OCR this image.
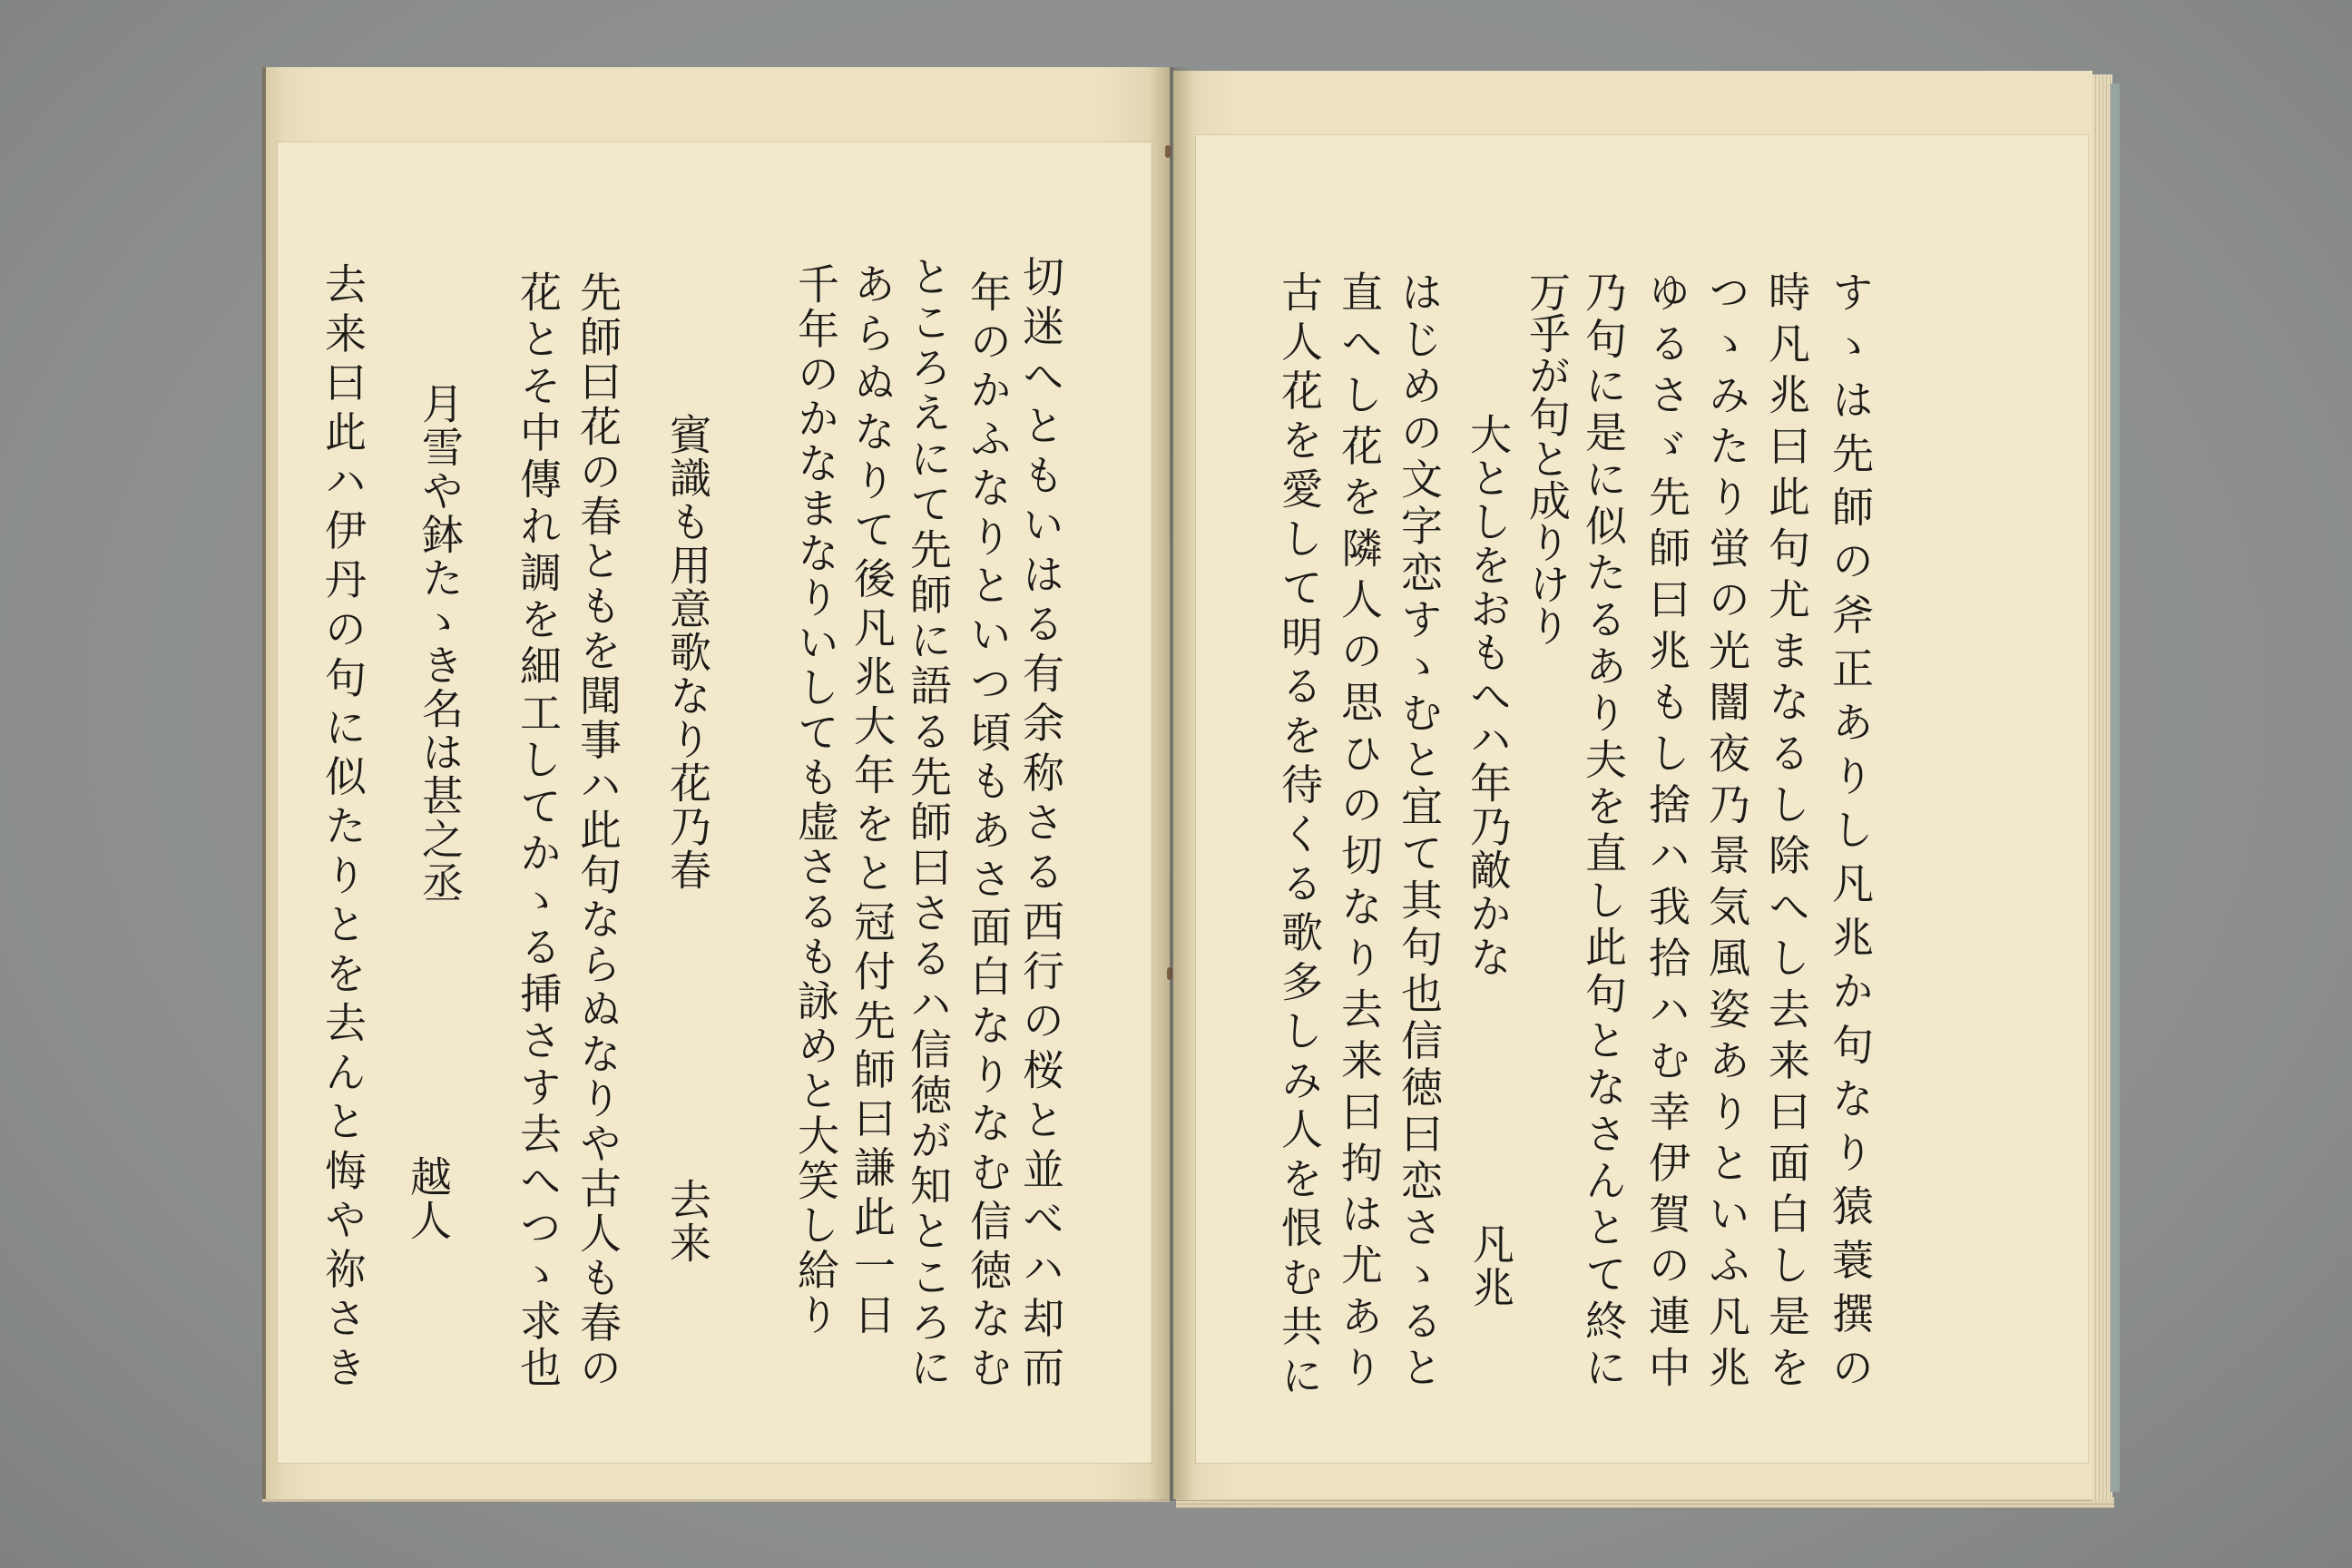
切迷へともいはる有余称さる西行の桜と並べハ却而
年のかふなりといつ頃もあさ面白なりなむ信徳なむ
ところえにて先師に語る先師曰さるハ信徳が知ところに
あらぬなりて後凡兆大年をと冠付先師曰謙此一日
千年のかなまなりいしても虚さるも詠めと大笑し給り
賓識も用意歌なり花乃春
去来
先師曰花の春ともを聞事ハ此句ならぬなりや古人も春の
花とそ中傳れ調を細工してかゝる挿さす去へつゝ求也
月雪や鉢たゝき名は甚之丞
越人
去来曰此ハ伊丹の句に似たりとを去んと悔や祢さき	すゝは先師の斧正ありし凡兆か句なり猿蓑撰の
時凡兆曰此句尤まなるし除へし去来曰面白し是を
つゝみたり蛍の光闇夜乃景気風姿ありといふ凡兆
ゆるさゞ先師曰兆もし捨ハ我拾ハむ幸伊賀の連中
乃句に是に似たるあり夫を直し此句となさんとて終に
万乎が句と成りけり
大としをおもへハ年乃敵かな
凡兆
はじめの文字恋すゝむと宜て其句也信徳曰恋さゝると
直へし花を隣人の思ひの切なり去来曰拘は尤あり
古人花を愛して明るを待くる歌多しみ人を恨む共に
